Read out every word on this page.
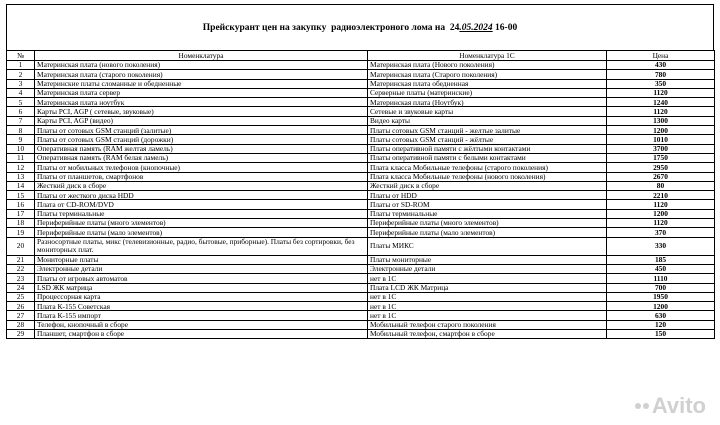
Прейскурант цен на закупку  радиоэлектроного лома на  24.05.2024 16-00
№	Номенклатура	Номенклатура 1С	Цена
1	Материнская плата (нового поколения)	Материнская плата (Нового поколения)	430
2	Материнская плата (старого поколения)	Материнская плата (Старого поколения)	780
3	Материнские платы сломанные и обедненные	Материнская плата обедненная	350
4	Материнская плата сервер	Серверные платы (материнские)	1120
5	Материнская плата ноутбук	Материнская плата (Ноутбук)	1240
6	Карты PCI, AGP ( сетевые, звуковые)	Сетевые и звуковые карты	1120
7	Карты PCI, AGP (видео)	Видео карты	1300
8	Платы от сотовых GSM станций (залитые)	Платы сотовых GSM станций - желтые залитые	1200
9	Платы от сотовых GSM станций (дорожки)	Платы сотовых GSM станций - жёлтые	1010
10	Оперативная память (RAM желтая ламель)	Платы оперативной памяти с жёлтыми контактами	3700
11	Оперативная память (RAM белая ламель)	Платы оперативной памяти с белыми контактами	1750
12	Платы от мобильных телефонов (кнопочные)	Плата класса Мобильные телефоны (старого поколения)	2950
13	Платы от планшетов, смартфонов	Плата класса Мобильные телефоны (нового поколения)	2670
14	Жесткий диск в сборе	Жесткий диск в сборе	80
15	Платы от жесткого диска HDD	Платы от HDD	2210
16	Плата от CD-ROM/DVD	Платы от SD-ROM	1120
17	Платы терминальные	Платы терминальные	1200
18	Периферийные платы (много элементов)	Периферийные платы (много элементов)	1120
19	Периферийные платы (мало элементов)	Периферийные платы (мало элементов)	370
20	Разносортные платы, микс (телевизионные, радио, бытовые, приборные). Платы без сортировки, без мониторных плат.	Платы МИКС	330
21	Мониторные платы	Платы мониторные	185
22	Электронные детали	Электронные детали	450
23	Платы от игровых автоматов	нет в 1С	1110
24	LSD ЖК матрица	Плата LCD ЖК Матрица	700
25	Процессорная карта	нет в 1С	1950
26	Плата К-155 Советская	нет в 1С	1200
27	Плата К-155 импорт	нет в 1С	630
28	Телефон, кнопочный в сборе	Мобильный телефон старого поколения	120
29	Планшет, смартфон в сборе	Мобильный телефон, смартфон в сборе	150
Avito
